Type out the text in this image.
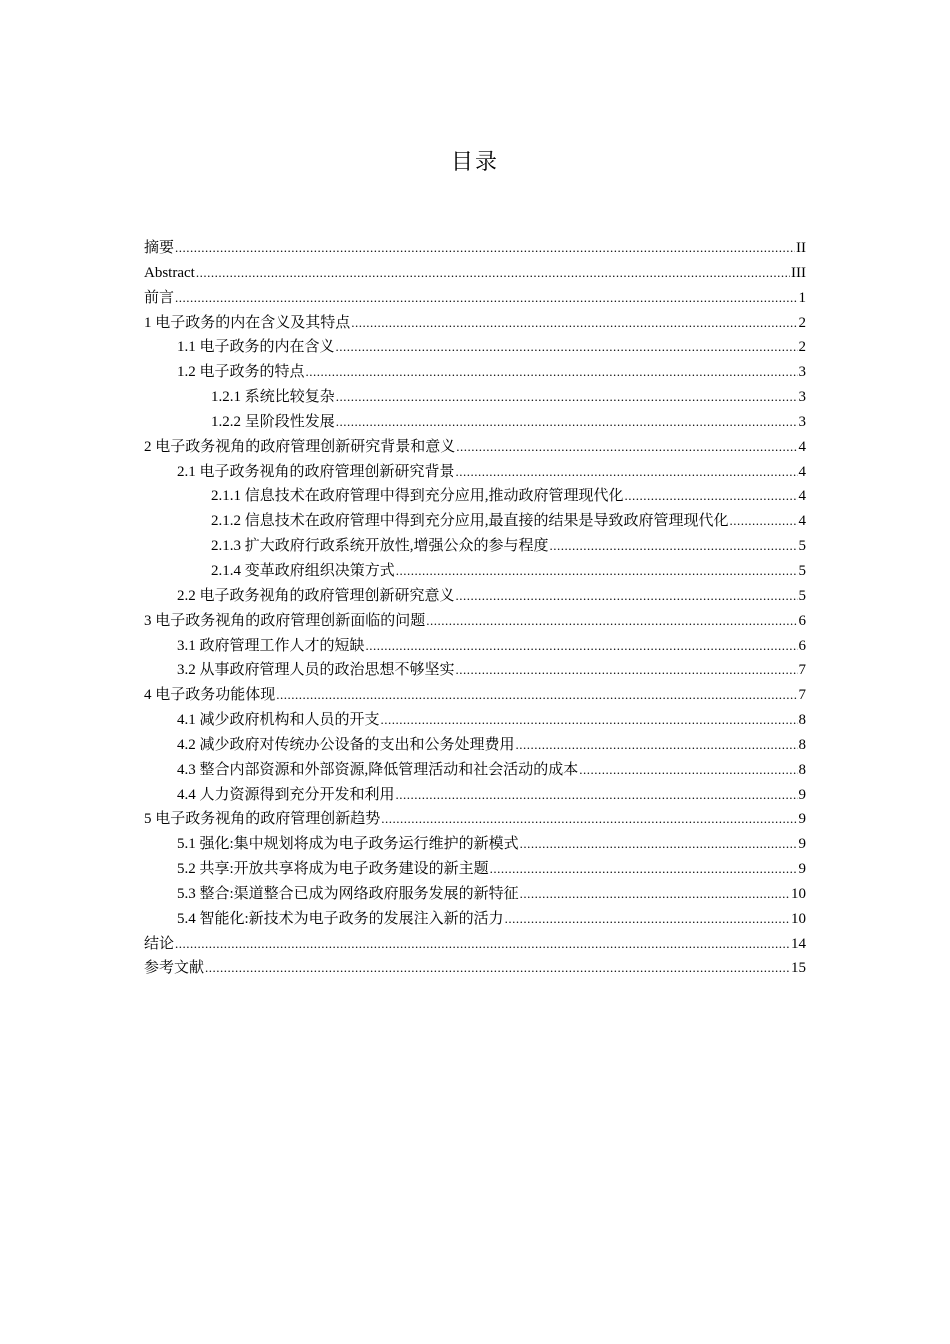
目录
摘要 .....	II
Abstract .....	III
前言 .....	1
1 电子政务的内在含义及其特点 .....	2
1.1 电子政务的内在含义 .....	2
1.2 电子政务的特点 .....	3
1.2.1 系统比较复杂 .....	3
1.2.2 呈阶段性发展 .....	3
2 电子政务视角的政府管理创新研究背景和意义 .....	4
2.1 电子政务视角的政府管理创新研究背景 .....	4
2.1.1 信息技术在政府管理中得到充分应用,推动政府管理现代化 .....	4
2.1.2 信息技术在政府管理中得到充分应用,最直接的结果是导致政府管理现代化 .....	4
2.1.3 扩大政府行政系统开放性,增强公众的参与程度 .....	5
2.1.4 变革政府组织决策方式 .....	5
2.2 电子政务视角的政府管理创新研究意义 .....	5
3 电子政务视角的政府管理创新面临的问题 .....	6
3.1 政府管理工作人才的短缺 .....	6
3.2 从事政府管理人员的政治思想不够坚实 .....	7
4 电子政务功能体现 .....	7
4.1 减少政府机构和人员的开支 .....	8
4.2 减少政府对传统办公设备的支出和公务处理费用 .....	8
4.3 整合内部资源和外部资源,降低管理活动和社会活动的成本 .....	8
4.4 人力资源得到充分开发和利用 .....	9
5 电子政务视角的政府管理创新趋势 .....	9
5.1 强化:集中规划将成为电子政务运行维护的新模式 .....	9
5.2 共享:开放共享将成为电子政务建设的新主题 .....	9
5.3 整合:渠道整合已成为网络政府服务发展的新特征 .....	10
5.4 智能化:新技术为电子政务的发展注入新的活力 .....	10
结论 .....	14
参考文献 .....	15
